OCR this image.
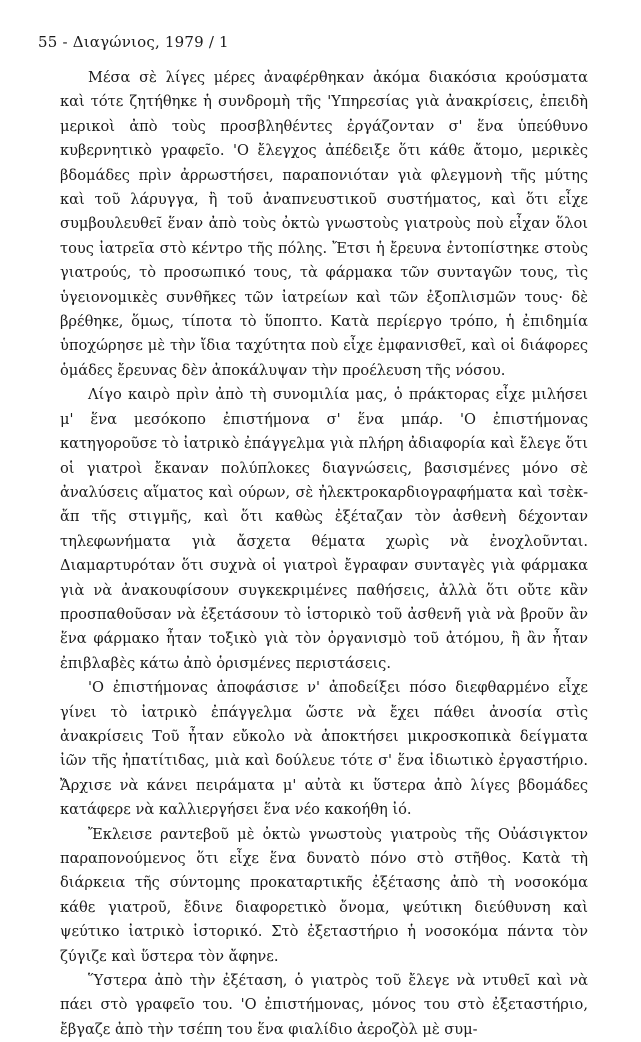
55 - Διαγώνιος, 1979 / 1

Μέσα σὲ λίγες μέρες ἀναφέρθηκαν ἀκόμα διακόσια κρούσματα καὶ τότε ζητήθηκε ἡ συνδρομὴ τῆς 'Υπηρεσίας γιὰ ἀνακρίσεις, ἐπειδὴ μερικοὶ ἀπὸ τοὺς προσβληθέντες ἐργάζονταν σ' ἕνα ὑπεύθυνο κυβερνητικὸ γραφεῖο. 'Ο ἔλεγχος ἀπέδειξε ὅτι κάθε ἄτομο, μερικὲς βδομάδες πρὶν ἀρρωστήσει, παραπονιόταν γιὰ φλεγμονὴ τῆς μύτης καὶ τοῦ λάρυγγα, ἢ τοῦ ἀναπνευστικοῦ συστήματος, καὶ ὅτι εἶχε συμβουλευθεῖ ἕναν ἀπὸ τοὺς ὀκτὼ γνωστοὺς γιατροὺς ποὺ εἶχαν ὅλοι τους ἰατρεῖα στὸ κέντρο τῆς πόλης. Ἔτσι ἡ ἔρευνα ἐντοπίστηκε στοὺς γιατρούς, τὸ προσωπικό τους, τὰ φάρμακα τῶν συνταγῶν τους, τὶς ὑγειονομικὲς συνθῆκες τῶν ἰατρείων καὶ τῶν ἐξοπλισμῶν τους· δὲ βρέθηκε, ὅμως, τίποτα τὸ ὕποπτο. Κατὰ περίεργο τρόπο, ἡ ἐπιδημία ὑποχώρησε μὲ τὴν ἴδια ταχύτητα ποὺ εἶχε ἐμφανισθεῖ, καὶ οἱ διάφορες ὁμάδες ἔρευνας δὲν ἀποκάλυψαν τὴν προέλευση τῆς νόσου.

Λίγο καιρὸ πρὶν ἀπὸ τὴ συνομιλία μας, ὁ πράκτορας εἶχε μιλήσει μ' ἕνα μεσόκοπο ἐπιστήμονα σ' ἕνα μπάρ. 'Ο ἐπιστήμονας κατηγοροῦσε τὸ ἰατρικὸ ἐπάγγελμα γιὰ πλήρη ἀδιαφορία καὶ ἔλεγε ὅτι οἱ γιατροὶ ἔκαναν πολύπλοκες διαγνώσεις, βασισμένες μόνο σὲ ἀναλύσεις αἵματος καὶ ούρων, σὲ ἠλεκτροκαρδιογραφήματα καὶ τσὲκ-ἄπ τῆς στιγμῆς, καὶ ὅτι καθὼς ἐξέταζαν τὸν ἀσθενὴ δέχονταν τηλεφωνήματα γιὰ ἄσχετα θέματα χωρὶς νὰ ἐνοχλοῦνται. Διαμαρτυρόταν ὅτι συχνὰ οἱ γιατροὶ ἔγραφαν συνταγὲς γιὰ φάρμακα γιὰ νὰ ἀνακουφίσουν συγκεκριμένες παθήσεις, ἀλλὰ ὅτι οὔτε κἂν προσπαθοῦσαν νὰ ἐξετάσουν τὸ ἱστορικὸ τοῦ ἀσθενῆ γιὰ νὰ βροῦν ἂν ἕνα φάρμακο ἦταν τοξικὸ γιὰ τὸν ὀργανισμὸ τοῦ ἀτόμου, ἢ ἂν ἦταν ἐπιβλαβὲς κάτω ἀπὸ ὁρισμένες περιστάσεις.

'Ο ἐπιστήμονας ἀποφάσισε ν' ἀποδείξει πόσο διεφθαρμένο εἶχε γίνει τὸ ἰατρικὸ ἐπάγγελμα ὥστε νὰ ἔχει πάθει ἀνοσία στὶς ἀνακρίσεις Τοῦ ἦταν εὔκολο νὰ ἀποκτήσει μικροσκοπικὰ δείγματα ἰῶν τῆς ἠπατίτιδας, μιὰ καὶ δούλευε τότε σ' ἕνα ἰδιωτικὸ ἐργαστήριο. Ἄρχισε νὰ κάνει πειράματα μ' αὐτὰ κι ὕστερα ἀπὸ λίγες βδομάδες κατάφερε νὰ καλλιεργήσει ἕνα νέο κακοήθη ἰό.

Ἔκλεισε ραντεβοῦ μὲ ὀκτὼ γνωστοὺς γιατροὺς τῆς Οὐάσιγκτον παραπονούμενος ὅτι εἶχε ἕνα δυνατὸ πόνο στὸ στῆθος. Κατὰ τὴ διάρκεια τῆς σύντομης προκαταρτικῆς ἐξέτασης ἀπὸ τὴ νοσοκόμα κάθε γιατροῦ, ἔδινε διαφορετικὸ ὄνομα, ψεύτικη διεύθυνση καὶ ψεύτικο ἰατρικὸ ἱστορικό. Στὸ ἐξεταστήριο ἡ νοσοκόμα πάντα τὸν ζύγιζε καὶ ὕστερα τὸν ἄφηνε.

Ὕστερα ἀπὸ τὴν ἐξέταση, ὁ γιατρὸς τοῦ ἔλεγε νὰ ντυθεῖ καὶ νὰ πάει στὸ γραφεῖο του. 'Ο ἐπιστήμονας, μόνος του στὸ ἐξεταστήριο, ἔβγαζε ἀπὸ τὴν τσέπη του ἕνα φιαλίδιο ἀεροζὸλ μὲ συμ-
